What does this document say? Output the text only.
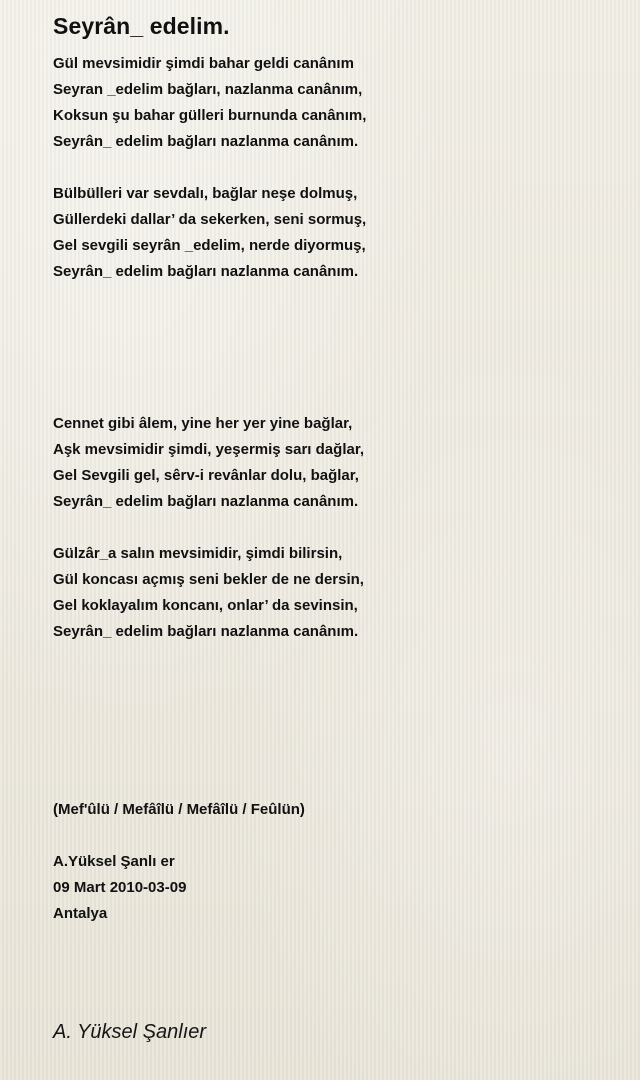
Seyrân_ edelim.
Gül mevsimidir şimdi bahar geldi canânım
Seyran _edelim bağları, nazlanma canânım,
Koksun şu bahar gülleri burnunda canânım,
Seyrân_ edelim bağları nazlanma canânım.
Bülbülleri var sevdalı, bağlar neşe dolmuş,
Güllerdeki dallar’ da sekerken, seni sormuş,
Gel sevgili seyrân _edelim, nerde diyormuş,
Seyrân_ edelim bağları nazlanma canânım.
Cennet gibi âlem, yine her yer yine bağlar,
Aşk mevsimidir şimdi, yeşermiş sarı dağlar,
Gel Sevgili gel, sêrv-i revânlar dolu, bağlar,
Seyrân_ edelim bağları nazlanma canânım.
Gülzâr_a salın mevsimidir, şimdi bilirsin,
Gül koncası açmış seni bekler de ne dersin,
Gel koklayalım koncanı, onlar’ da sevinsin,
Seyrân_ edelim bağları nazlanma canânım.
(Mef'ûlü / Mefâîlü / Mefâîlü / Feûlün)
A.Yüksel Şanlı er
09 Mart 2010-03-09
Antalya
A. Yüksel Şanlıer
